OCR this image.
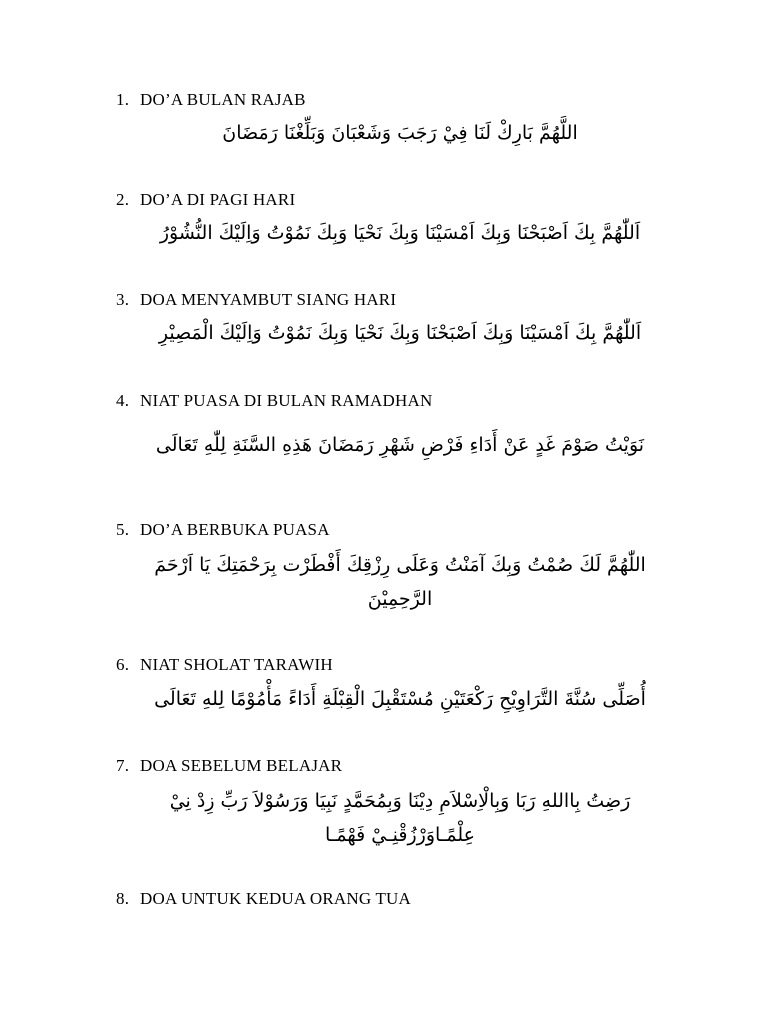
1. DO’A BULAN RAJAB
اللَّهُمَّ بَارِكْ لَنَا فِيْ رَجَبَ وَشَعْبَانَ وَبَلِّغْنَا رَمَضَانَ
2. DO’A DI PAGI HARI
اَللّٰهُمَّ بِكَ اَصْبَحْنَا وَبِكَ اَمْسَيْنَا وَبِكَ نَحْيَا وَبِكَ نَمُوْتُ وَاِلَيْكَ النُّشُوْرُ
3. DOA MENYAMBUT SIANG HARI
اَللّٰهُمَّ بِكَ اَمْسَيْنَا وَبِكَ اَصْبَحْنَا وَبِكَ نَحْيَا وَبِكَ نَمُوْتُ وَاِلَيْكَ الْمَصِيْرِ
4. NIAT PUASA DI BULAN RAMADHAN
نَوَيْتُ صَوْمَ غَدٍ عَنْ أَدَاءِ فَرْضِ شَهْرِ رَمَضَانَ هَذِهِ السَّنَةِ لِلّٰهِ تَعَالَى
5. DO’A BERBUKA PUASA
اللّٰهُمَّ لَكَ صُمْتُ وَبِكَ آمَنْتُ وَعَلَى رِزْقِكَ أَفْطَرْت بِرَحْمَتِكَ يَا اَرْحَمَ الرَّحِمِيْنَ
6. NIAT SHOLAT TARAWIH
أُصَلِّى سُنَّةَ التَّرَاوِيْحِ رَكْعَتَيْنِ مُسْتَقْبِلَ الْقِبْلَةِ أَدَاءً مَأْمُوْمًا لِلهِ تَعَالَى
7. DOA SEBELUM BELAJAR
رَضِتُ بِااللهِ رَبَا وَبِالْاِسْلاَمِ دِيْنَا وَبِمُحَمَّدٍ نَبِيَا وَرَسُوْلاَ رَبِّ زِدْ نِيْ عِلْمًـاوَرْزُقْنِـيْ فَهْمًـا
8. DOA UNTUK KEDUA ORANG TUA
